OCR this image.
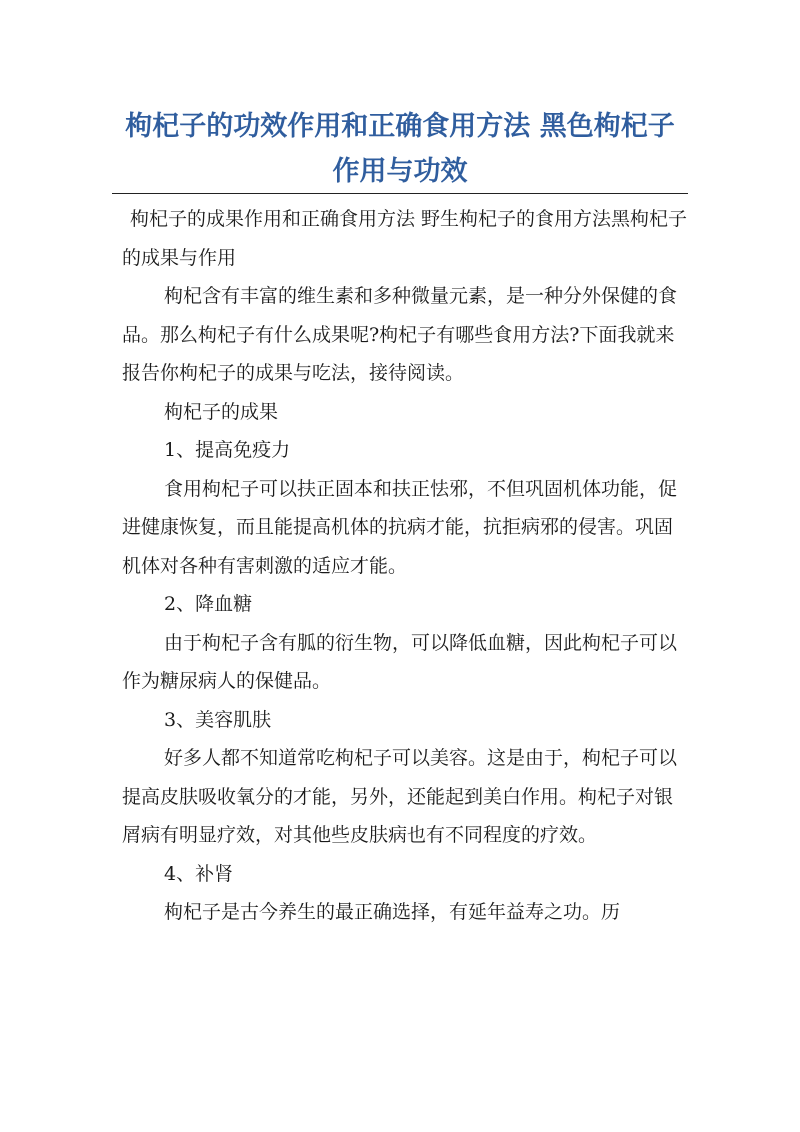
枸杞子的功效作用和正确食用方法 黑色枸杞子作用与功效

枸杞子的成果作用和正确食用方法 野生枸杞子的食用方法黑枸杞子的成果与作用

枸杞含有丰富的维生素和多种微量元素，是一种分外保健的食品。那么枸杞子有什么成果呢?枸杞子有哪些食用方法?下面我就来报告你枸杞子的成果与吃法，接待阅读。

枸杞子的成果

1、提高免疫力

食用枸杞子可以扶正固本和扶正怯邪，不但巩固机体功能，促进健康恢复，而且能提高机体的抗病才能，抗拒病邪的侵害。巩固机体对各种有害刺激的适应才能。

2、降血糖

由于枸杞子含有胍的衍生物，可以降低血糖，因此枸杞子可以作为糖尿病人的保健品。

3、美容肌肤

好多人都不知道常吃枸杞子可以美容。这是由于，枸杞子可以提高皮肤吸收氧分的才能，另外，还能起到美白作用。枸杞子对银屑病有明显疗效，对其他些皮肤病也有不同程度的疗效。

4、补肾

枸杞子是古今养生的最正确选择，有延年益寿之功。历
